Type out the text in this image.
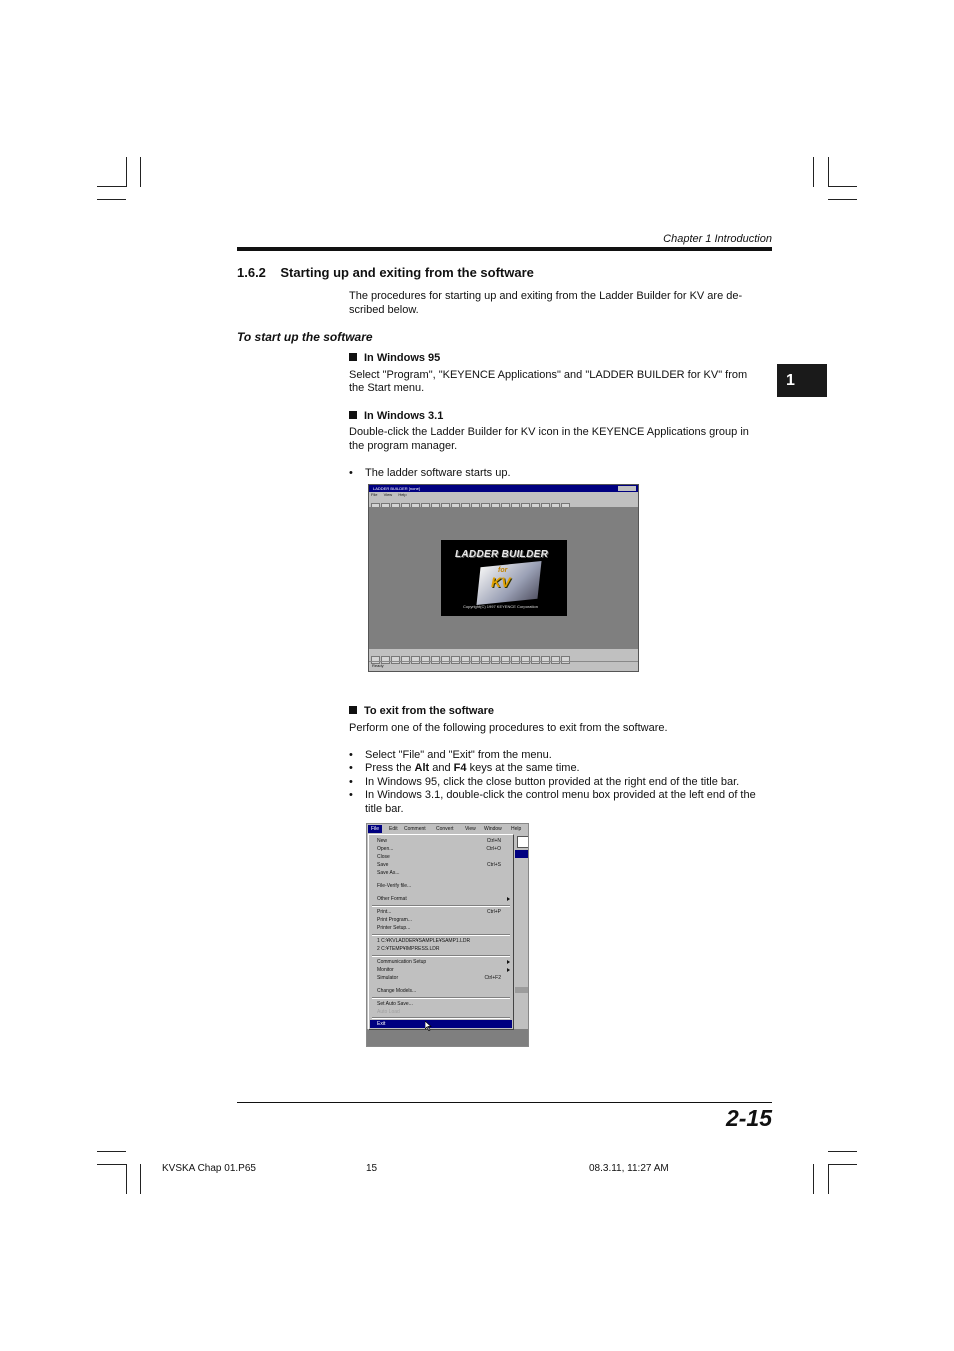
Chapter 1 Introduction
1
1.6.2 Starting up and exiting from the software
The procedures for starting up and exiting from the Ladder Builder for KV are de-
scribed below.
To start up the software
In Windows 95
Select "Program", "KEYENCE Applications" and "LADDER BUILDER for KV" from
the Start menu.
In Windows 3.1
Double-click the Ladder Builder for KV icon in the KEYENCE Applications group in
the program manager.
• The ladder software starts up.
LADDER BUILDER [none]
File View Help
LADDER BUILDER
for
KV
Copyright(C) 1997 KEYENCE Corporation
Ready
To exit from the software
Perform one of the following procedures to exit from the software.
• Select "File" and "Exit" from the menu.
• Press the Alt and F4 keys at the same time.
• In Windows 95, click the close button provided at the right end of the title bar.
• In Windows 3.1, double-click the control menu box provided at the left end of the
title bar.
File	Edit Comment Convert View Window Help
New	Ctrl+N
Open...	Ctrl+O
Close
Save	Ctrl+S
Save As...
File-Verify file...
Other Format
Print...	Ctrl+P
Print Program...
Printer Setup...
1 C:¥KVLADDER¥SAMPLE¥SAMP1.LDR
2 C:¥TEMP¥IMPRESS.LDR
Communication Setup
Monitor
Simulator	Ctrl+F2
Change Models...
Set Auto Save...
Auto Load
Exit
2-15
KVSKA Chap 01.P65	15	08.3.11, 11:27 AM
